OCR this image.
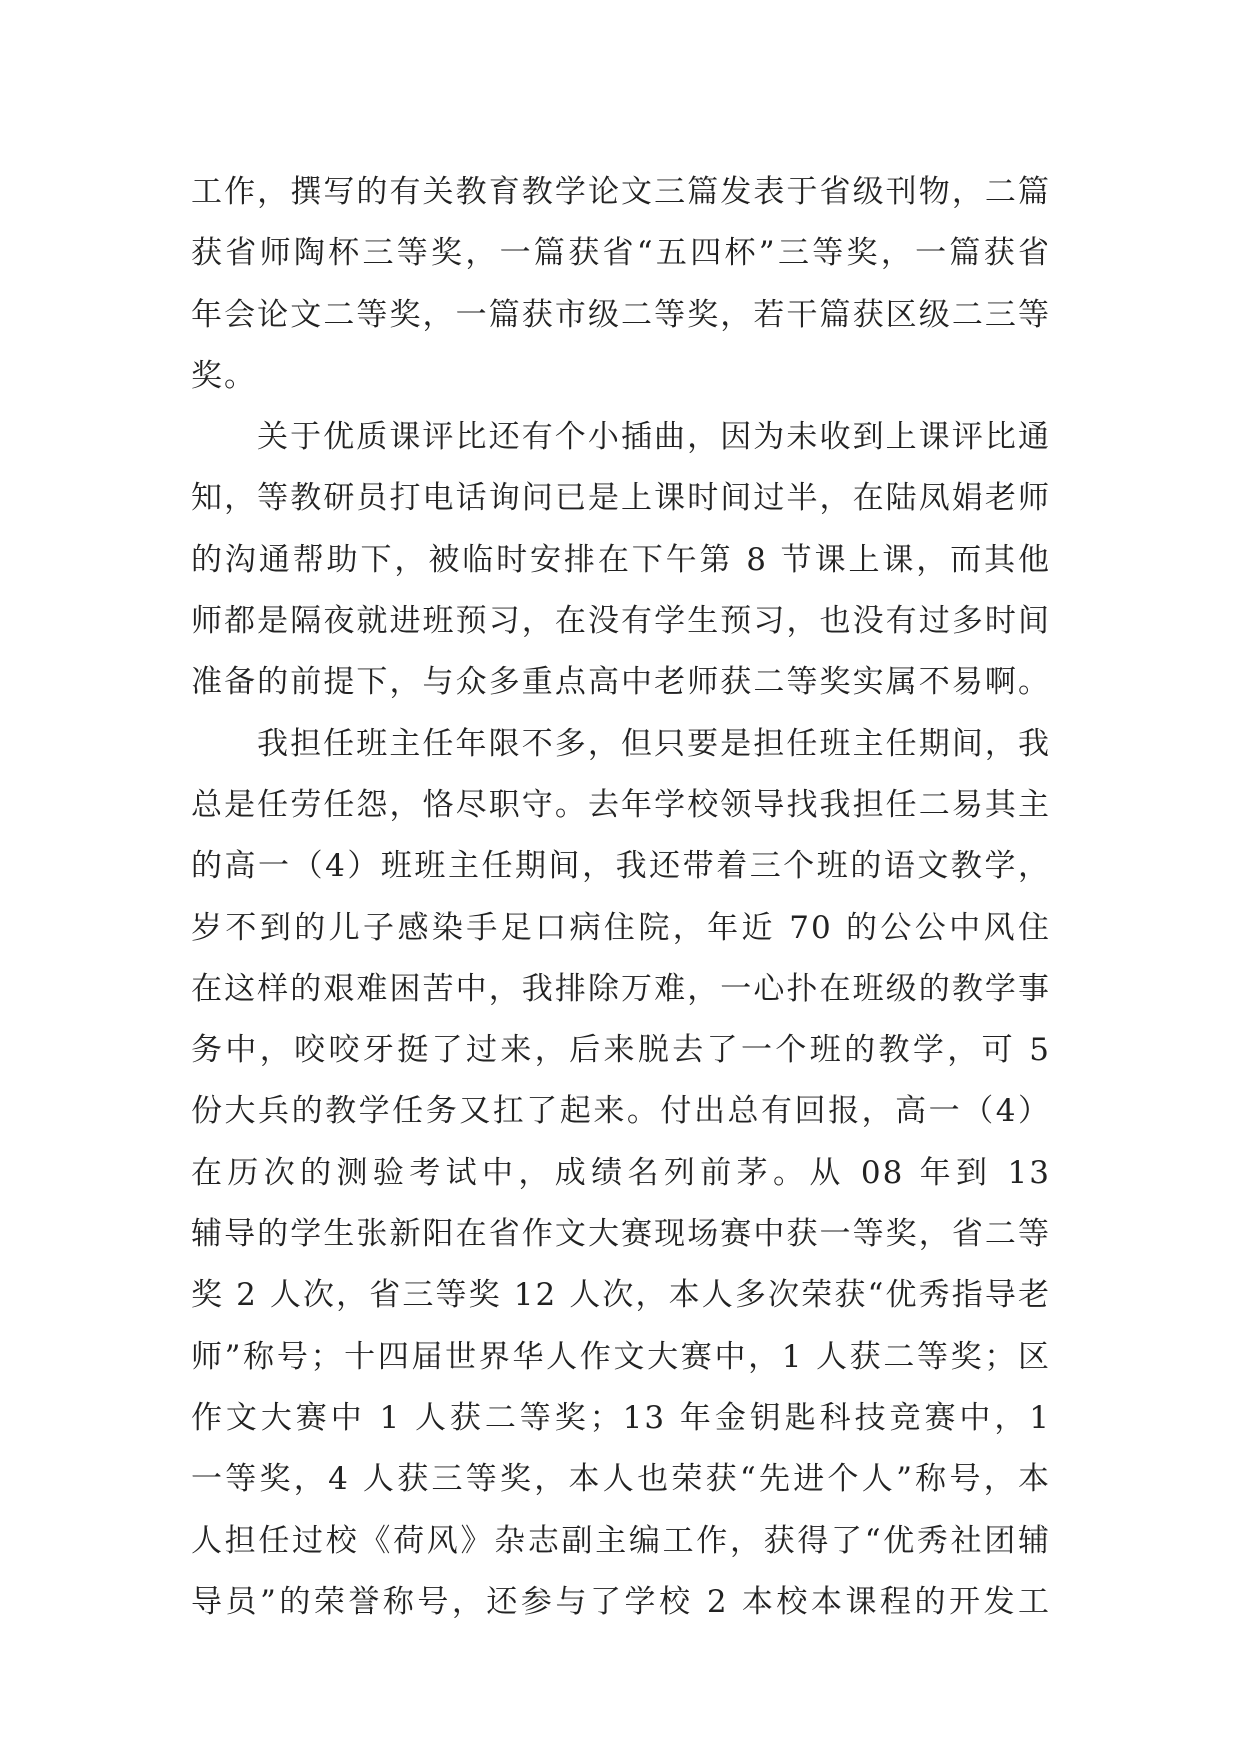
工作，撰写的有关教育教学论文三篇发表于省级刊物，二篇
获省师陶杯三等奖，一篇获省“五四杯”三等奖，一篇获省
年会论文二等奖，一篇获市级二等奖，若干篇获区级二三等
奖。
关于优质课评比还有个小插曲，因为未收到上课评比通
知，等教研员打电话询问已是上课时间过半，在陆凤娟老师
的沟通帮助下，被临时安排在下午第 8 节课上课，而其他
师都是隔夜就进班预习，在没有学生预习，也没有过多时间
准备的前提下，与众多重点高中老师获二等奖实属不易啊。
我担任班主任年限不多，但只要是担任班主任期间，我
总是任劳任怨，恪尽职守。去年学校领导找我担任二易其主
的高一（4）班班主任期间，我还带着三个班的语文教学，
岁不到的儿子感染手足口病住院，年近 70 的公公中风住
在这样的艰难困苦中，我排除万难，一心扑在班级的教学事
务中，咬咬牙挺了过来，后来脱去了一个班的教学，可 5
份大兵的教学任务又扛了起来。付出总有回报，高一（4）
在历次的测验考试中，成绩名列前茅。从 08 年到 13
辅导的学生张新阳在省作文大赛现场赛中获一等奖，省二等
奖 2 人次，省三等奖 12 人次，本人多次荣获“优秀指导老
师”称号；十四届世界华人作文大赛中，1 人获二等奖；区
作文大赛中 1 人获二等奖；13 年金钥匙科技竞赛中，1
一等奖，4 人获三等奖，本人也荣获“先进个人”称号，本
人担任过校《荷风》杂志副主编工作，获得了“优秀社团辅
导员”的荣誉称号，还参与了学校 2 本校本课程的开发工
